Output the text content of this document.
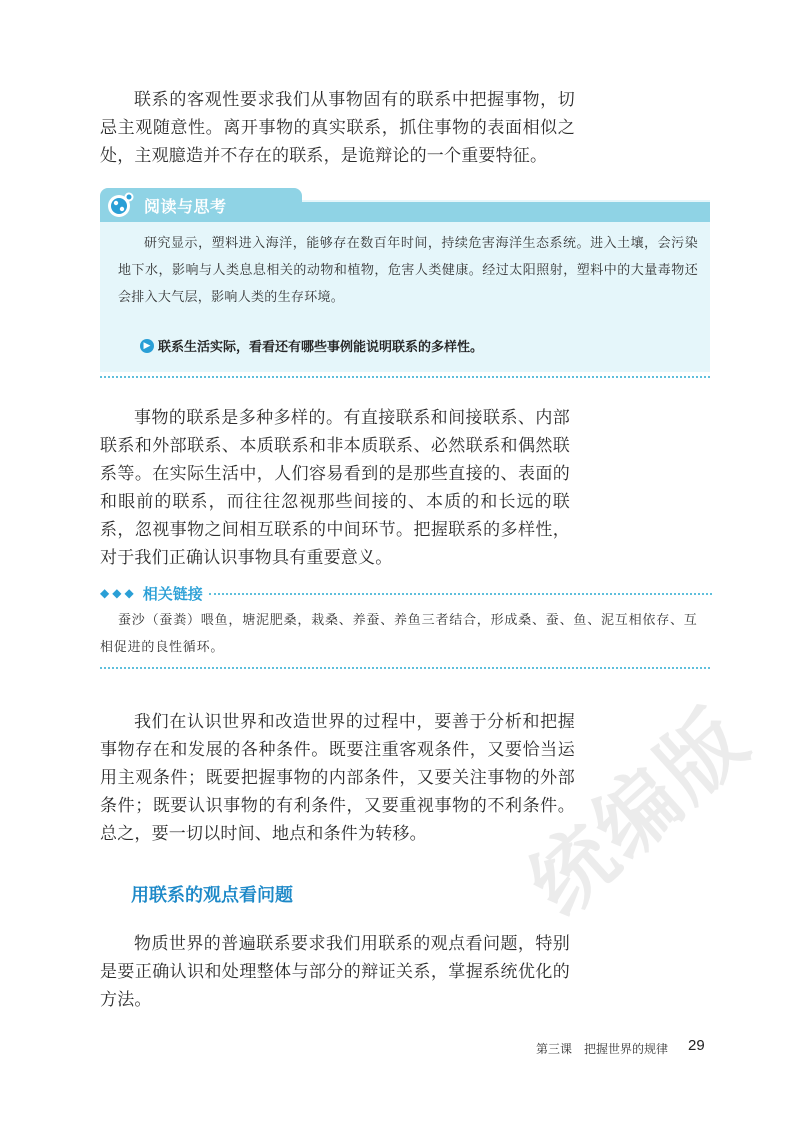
联系的客观性要求我们从事物固有的联系中把握事物，切忌主观随意性。离开事物的真实联系，抓住事物的表面相似之处，主观臆造并不存在的联系，是诡辩论的一个重要特征。

阅读与思考

研究显示，塑料进入海洋，能够存在数百年时间，持续危害海洋生态系统。进入土壤，会污染地下水，影响与人类息息相关的动物和植物，危害人类健康。经过太阳照射，塑料中的大量毒物还会排入大气层，影响人类的生存环境。

▶ 联系生活实际，看看还有哪些事例能说明联系的多样性。

事物的联系是多种多样的。有直接联系和间接联系、内部联系和外部联系、本质联系和非本质联系、必然联系和偶然联系等。在实际生活中，人们容易看到的是那些直接的、表面的和眼前的联系，而往往忽视那些间接的、本质的和长远的联系，忽视事物之间相互联系的中间环节。把握联系的多样性，对于我们正确认识事物具有重要意义。

◆◆◆ 相关链接

蚕沙（蚕粪）喂鱼，塘泥肥桑，栽桑、养蚕、养鱼三者结合，形成桑、蚕、鱼、泥互相依存、互相促进的良性循环。

我们在认识世界和改造世界的过程中，要善于分析和把握事物存在和发展的各种条件。既要注重客观条件，又要恰当运用主观条件；既要把握事物的内部条件，又要关注事物的外部条件；既要认识事物的有利条件，又要重视事物的不利条件。总之，要一切以时间、地点和条件为转移。

用联系的观点看问题

物质世界的普遍联系要求我们用联系的观点看问题，特别是要正确认识和处理整体与部分的辩证关系，掌握系统优化的方法。

统编版
第三课　把握世界的规律 29
